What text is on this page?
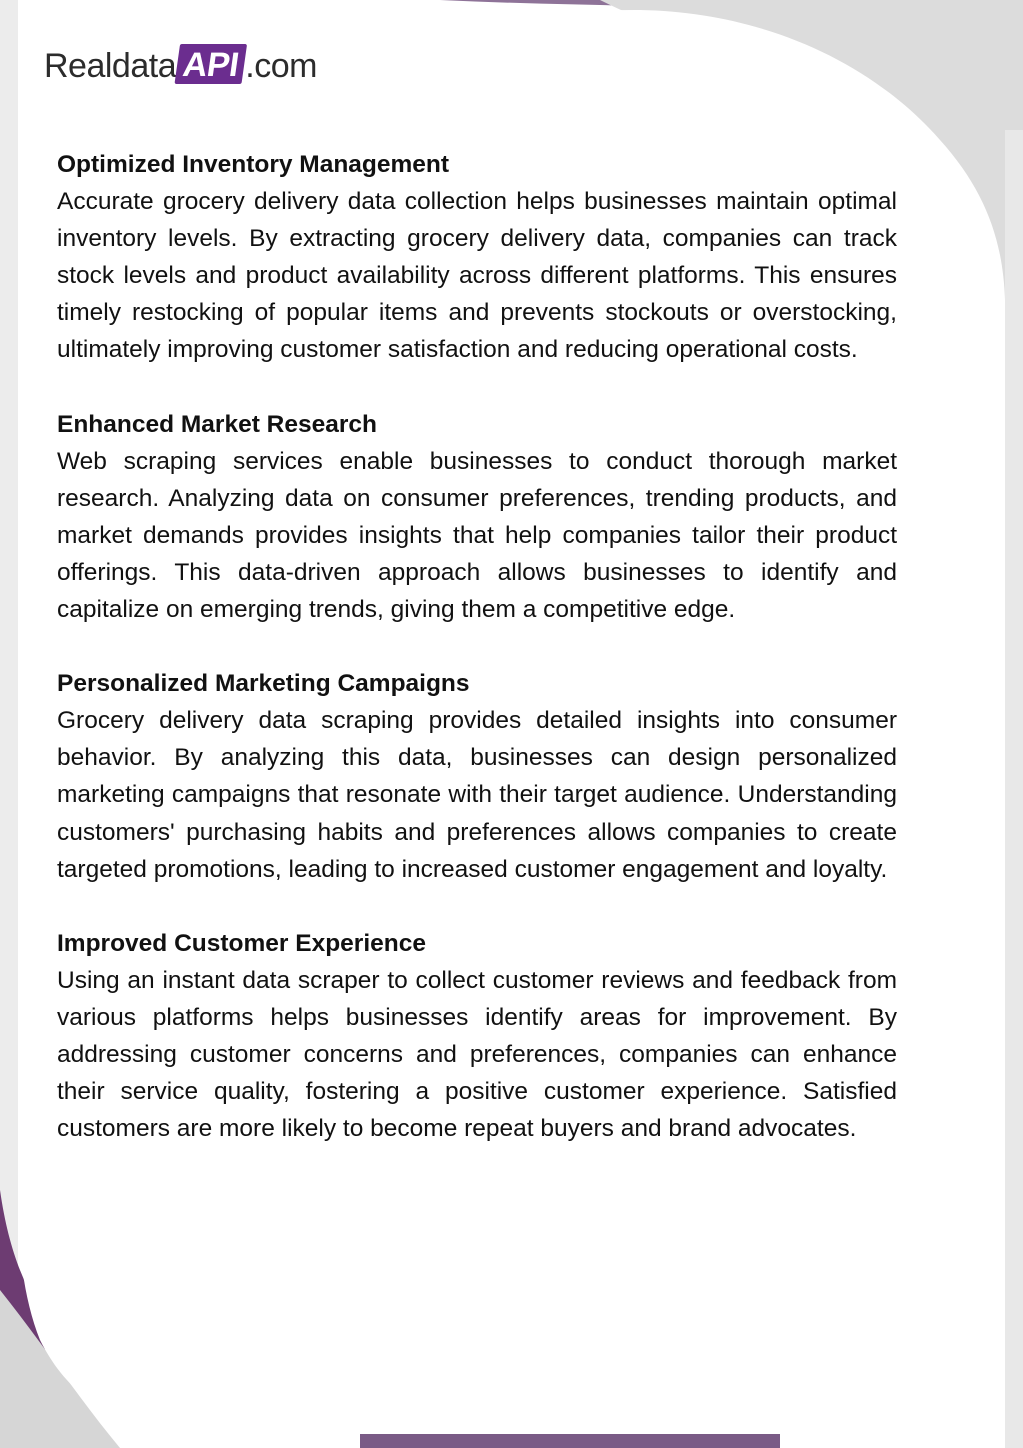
Realdata API .com
Optimized Inventory Management

Accurate grocery delivery data collection helps businesses maintain optimal inventory levels. By extracting grocery delivery data, companies can track stock levels and product availability across different platforms. This ensures timely restocking of popular items and prevents stockouts or overstocking, ultimately improving customer satisfaction and reducing operational costs.

Enhanced Market Research

Web scraping services enable businesses to conduct thorough market research. Analyzing data on consumer preferences, trending products, and market demands provides insights that help companies tailor their product offerings. This data-driven approach allows businesses to identify and capitalize on emerging trends, giving them a competitive edge.

Personalized Marketing Campaigns

Grocery delivery data scraping provides detailed insights into consumer behavior. By analyzing this data, businesses can design personalized marketing campaigns that resonate with their target audience. Understanding customers' purchasing habits and preferences allows companies to create targeted promotions, leading to increased customer engagement and loyalty.

Improved Customer Experience

Using an instant data scraper to collect customer reviews and feedback from various platforms helps businesses identify areas for improvement. By addressing customer concerns and preferences, companies can enhance their service quality, fostering a positive customer experience. Satisfied customers are more likely to become repeat buyers and brand advocates.
